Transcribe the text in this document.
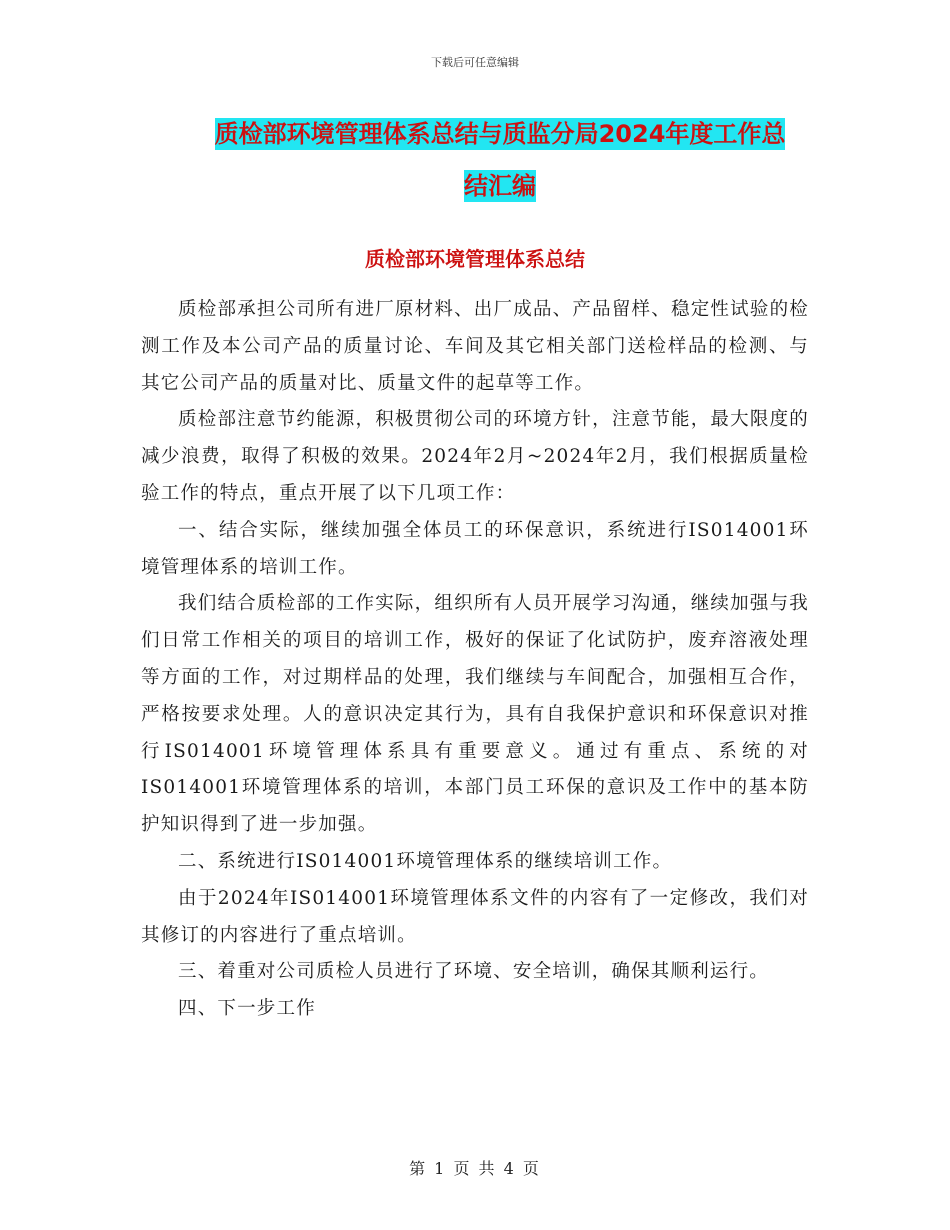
下载后可任意编辑
质检部环境管理体系总结与质监分局2024年度工作总
结汇编
质检部环境管理体系总结

质检部承担公司所有进厂原材料、出厂成品、产品留样、稳定性试验的检测工作及本公司产品的质量讨论、车间及其它相关部门送检样品的检测、与其它公司产品的质量对比、质量文件的起草等工作。

质检部注意节约能源，积极贯彻公司的环境方针，注意节能，最大限度的减少浪费，取得了积极的效果。2024年2月~2024年2月，我们根据质量检验工作的特点，重点开展了以下几项工作：

一、结合实际，继续加强全体员工的环保意识，系统进行IS014001环境管理体系的培训工作。

我们结合质检部的工作实际，组织所有人员开展学习沟通，继续加强与我们日常工作相关的项目的培训工作，极好的保证了化试防护，废弃溶液处理等方面的工作，对过期样品的处理，我们继续与车间配合，加强相互合作，严格按要求处理。人的意识决定其行为，具有自我保护意识和环保意识对推行IS014001环境管理体系具有重要意义。通过有重点、系统的对IS014001环境管理体系的培训，本部门员工环保的意识及工作中的基本防护知识得到了进一步加强。

二、系统进行IS014001环境管理体系的继续培训工作。

由于2024年IS014001环境管理体系文件的内容有了一定修改，我们对其修订的内容进行了重点培训。

三、着重对公司质检人员进行了环境、安全培训，确保其顺利运行。

四、下一步工作

第 1 页 共 4 页
